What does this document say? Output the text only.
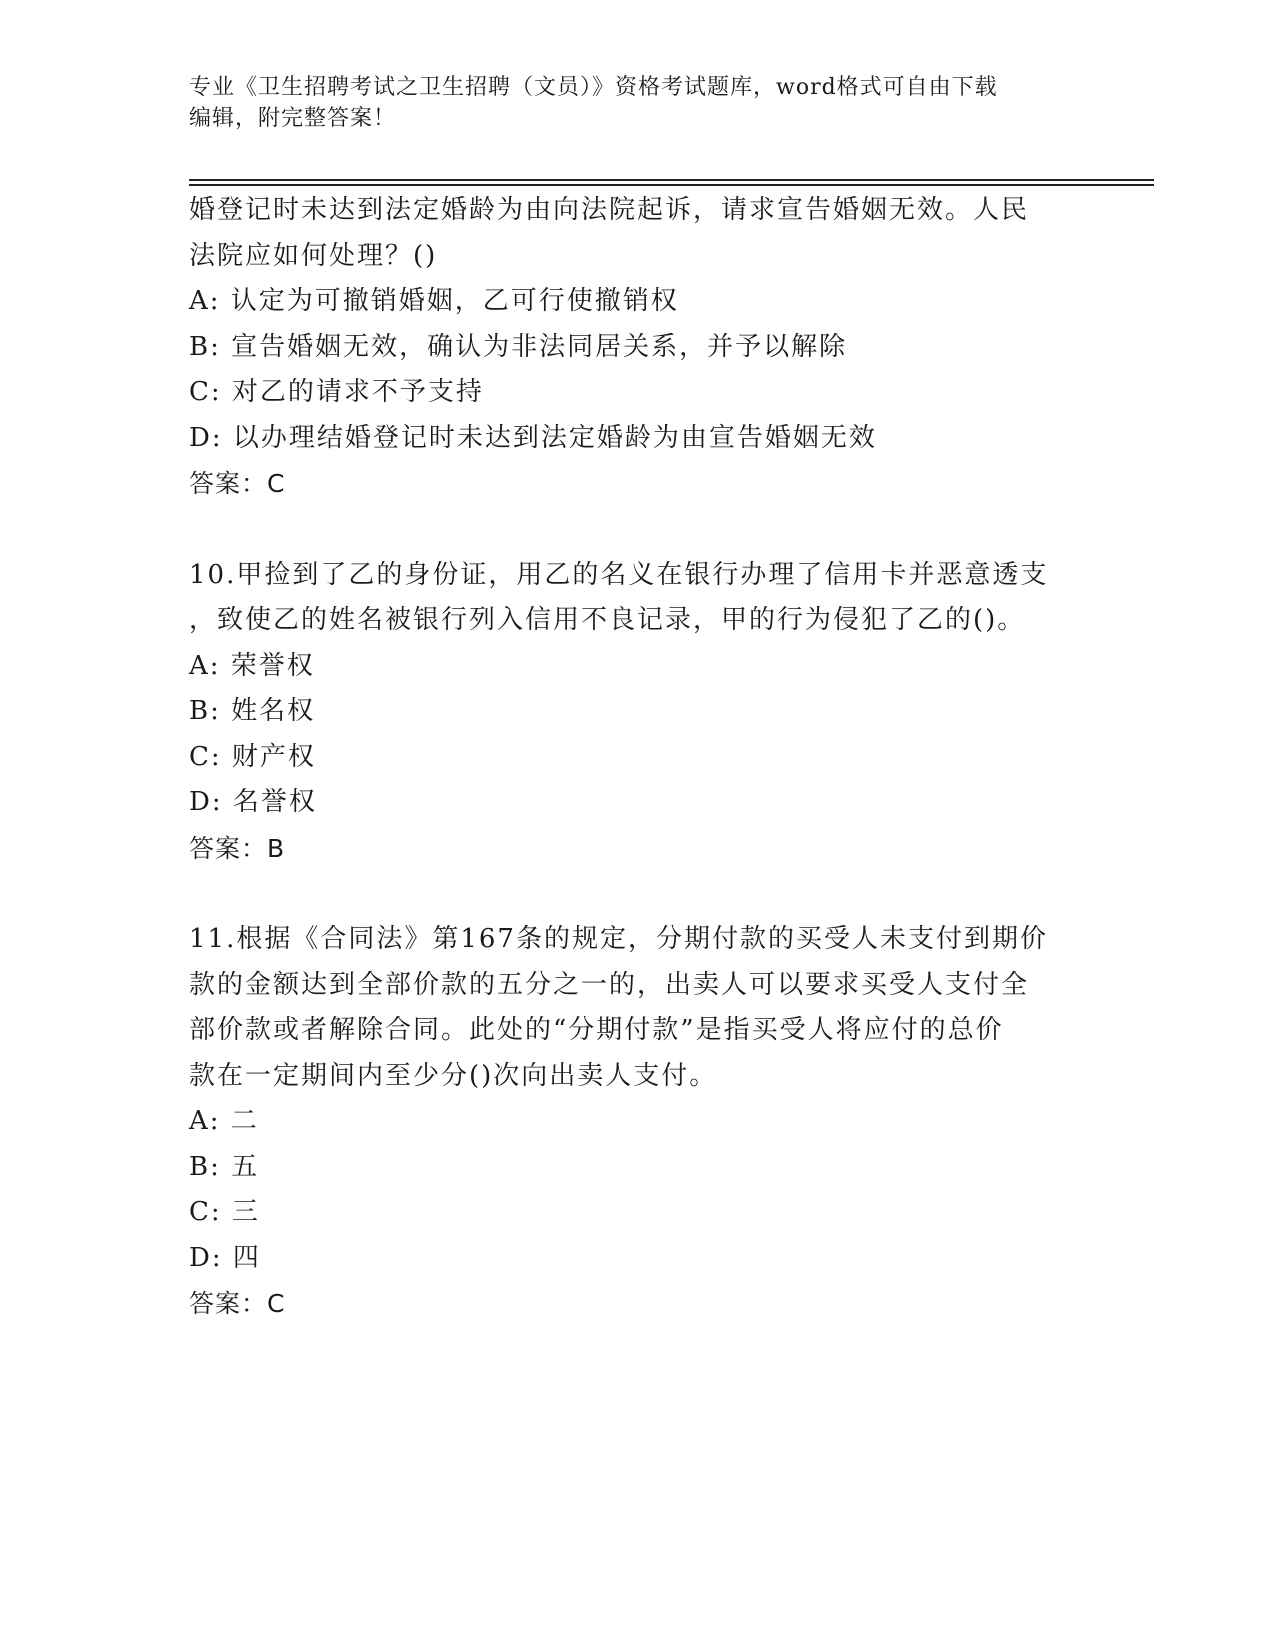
专业《卫生招聘考试之卫生招聘（文员）》资格考试题库，word格式可自由下载
编辑，附完整答案！
婚登记时未达到法定婚龄为由向法院起诉，请求宣告婚姻无效。人民
法院应如何处理？()
A: 认定为可撤销婚姻，乙可行使撤销权
B: 宣告婚姻无效，确认为非法同居关系，并予以解除
C: 对乙的请求不予支持
D: 以办理结婚登记时未达到法定婚龄为由宣告婚姻无效
答案：C
10.甲捡到了乙的身份证，用乙的名义在银行办理了信用卡并恶意透支
，致使乙的姓名被银行列入信用不良记录，甲的行为侵犯了乙的()。
A: 荣誉权
B: 姓名权
C: 财产权
D: 名誉权
答案：B
11.根据《合同法》第167条的规定，分期付款的买受人未支付到期价
款的金额达到全部价款的五分之一的，出卖人可以要求买受人支付全
部价款或者解除合同。此处的“分期付款”是指买受人将应付的总价
款在一定期间内至少分()次向出卖人支付。
A: 二
B: 五
C: 三
D: 四
答案：C
